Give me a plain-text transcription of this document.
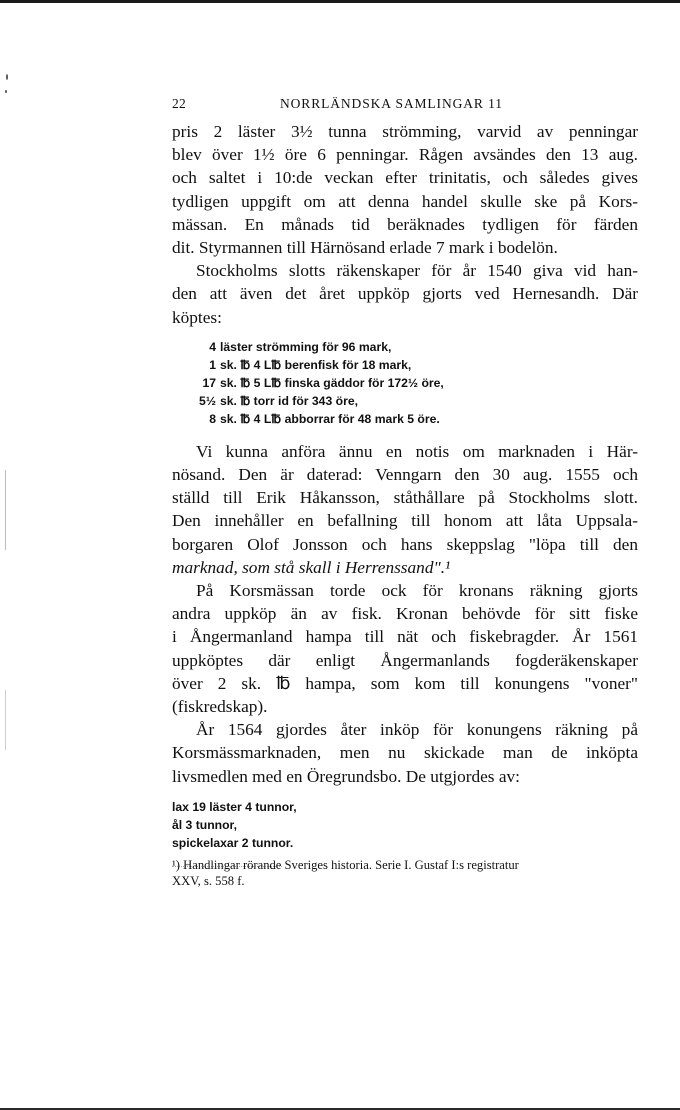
22	NORRLÄNDSKA SAMLINGAR 11

pris 2 läster 3½ tunna strömming, varvid av penningar
blev över 1½ öre 6 penningar. Rågen avsändes den 13 aug.
och saltet i 10:de veckan efter trinitatis, och således gives
tydligen uppgift om att denna handel skulle ske på Kors-
mässan. En månads tid beräknades tydligen för färden
dit. Styrmannen till Härnösand erlade 7 mark i bodelön.

Stockholms slotts räkenskaper för år 1540 giva vid han-
den att även det året uppköp gjorts ved Hernesandh. Där
köptes:

4 läster strömming för 96 mark,
1 sk. ℔ 4 L℔ berenfisk för 18 mark,
17 sk. ℔ 5 L℔ finska gäddor för 172½ öre,
5½ sk. ℔ torr id för 343 öre,
8 sk. ℔ 4 L℔ abborrar för 48 mark 5 öre.

Vi kunna anföra ännu en notis om marknaden i Här-
nösand. Den är daterad: Venngarn den 30 aug. 1555 och
ställd till Erik Håkansson, ståthållare på Stockholms slott.
Den innehåller en befallning till honom att låta Uppsala-
borgaren Olof Jonsson och hans skeppslag "löpa till den
marknad, som stå skall i Herrenssand".¹

På Korsmässan torde ock för kronans räkning gjorts
andra uppköp än av fisk. Kronan behövde för sitt fiske
i Ångermanland hampa till nät och fiskebragder. År 1561
uppköptes där enligt Ångermanlands fogderäkenskaper
över 2 sk. ℔ hampa, som kom till konungens "voner"
(fiskredskap).

År 1564 gjordes åter inköp för konungens räkning på
Korsmässmarknaden, men nu skickade man de inköpta
livsmedlen med en Öregrundsbo. De utgjordes av:

lax 19 läster 4 tunnor,
ål 3 tunnor,
spickelaxar 2 tunnor.
¹) Handlingar rörande Sveriges historia. Serie I. Gustaf I:s registratur
XXV, s. 558 f.
